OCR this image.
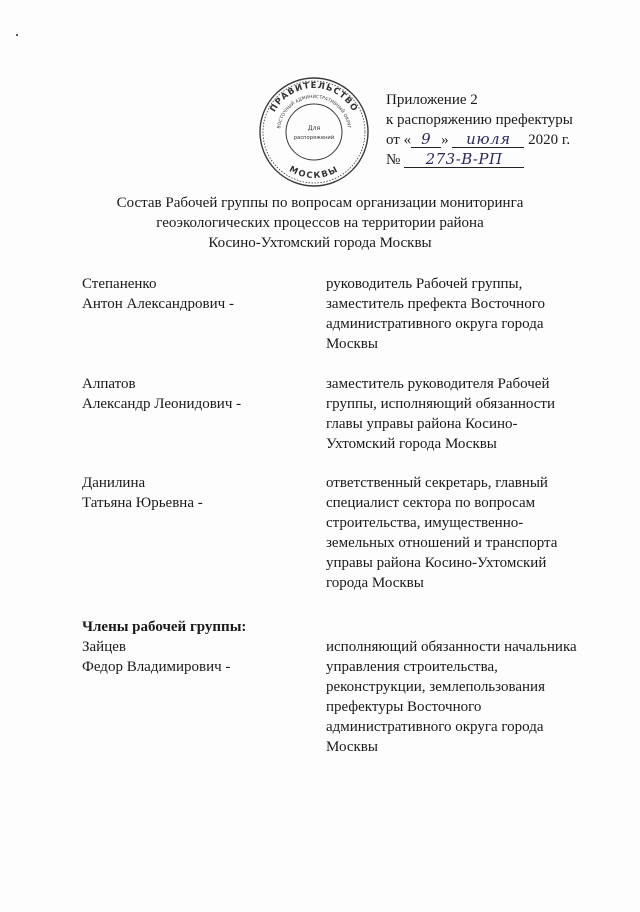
ПРАВИТЕЛЬСТВО
ВОСТОЧНЫЙ АДМИНИСТРАТИВНЫЙ ОКРУГ
МОСКВЫ
Для
распоряжений
Приложение 2
к распоряжению префектуры
от « 9 » июля 2020 г.
№ 273-В-РП
Состав Рабочей группы по вопросам организации мониторинга
геоэкологических процессов на территории района
Косино-Ухтомский города Москвы
Степаненко
Антон Александрович -
руководитель Рабочей группы,
заместитель префекта Восточного
административного округа города
Москвы
Алпатов
Александр Леонидович -
заместитель руководителя Рабочей
группы, исполняющий обязанности
главы управы района Косино-
Ухтомский города Москвы
Данилина
Татьяна Юрьевна -
ответственный секретарь, главный
специалист сектора по вопросам
строительства, имущественно-
земельных отношений и транспорта
управы района Косино-Ухтомский
города Москвы
Члены рабочей группы:
Зайцев
Федор Владимирович -
исполняющий обязанности начальника
управления строительства,
реконструкции, землепользования
префектуры Восточного
административного округа города
Москвы
